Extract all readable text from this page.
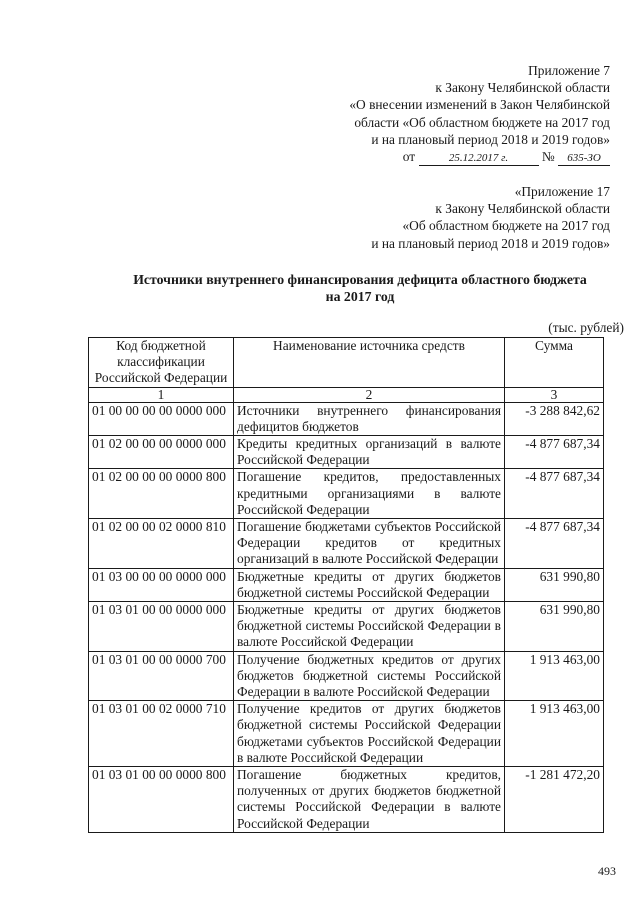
Приложение 7
к Закону Челябинской области
«О внесении изменений в Закон Челябинской
области «Об областном бюджете на 2017 год
и на плановый период 2018 и 2019 годов»
от	25.12.2017 г.	№ 635-ЗО
«Приложение 17
к Закону Челябинской области
«Об областном бюджете на 2017 год
и на плановый период 2018 и 2019 годов»
Источники внутреннего финансирования дефицита областного бюджета
на 2017 год
(тыс. рублей)
Код бюджетной классификации Российской Федерации	Наименование источника средств	Сумма
1	2	3
01 00 00 00 00 0000 000	Источники внутреннего финансирования дефицитов бюджетов	-3 288 842,62
01 02 00 00 00 0000 000	Кредиты кредитных организаций в валюте Российской Федерации	-4 877 687,34
01 02 00 00 00 0000 800	Погашение кредитов, предоставленных кредитными организациями в валюте Российской Федерации	-4 877 687,34
01 02 00 00 02 0000 810	Погашение бюджетами субъектов Российской Федерации кредитов от кредитных организаций в валюте Российской Федерации	-4 877 687,34
01 03 00 00 00 0000 000	Бюджетные кредиты от других бюджетов бюджетной системы Российской Федерации	631 990,80
01 03 01 00 00 0000 000	Бюджетные кредиты от других бюджетов бюджетной системы Российской Федерации в валюте Российской Федерации	631 990,80
01 03 01 00 00 0000 700	Получение бюджетных кредитов от других бюджетов бюджетной системы Российской Федерации в валюте Российской Федерации	1 913 463,00
01 03 01 00 02 0000 710	Получение кредитов от других бюджетов бюджетной системы Российской Федерации бюджетами субъектов Российской Федерации в валюте Российской Федерации	1 913 463,00
01 03 01 00 00 0000 800	Погашение бюджетных кредитов, полученных от других бюджетов бюджетной системы Российской Федерации в валюте Российской Федерации	-1 281 472,20
493
